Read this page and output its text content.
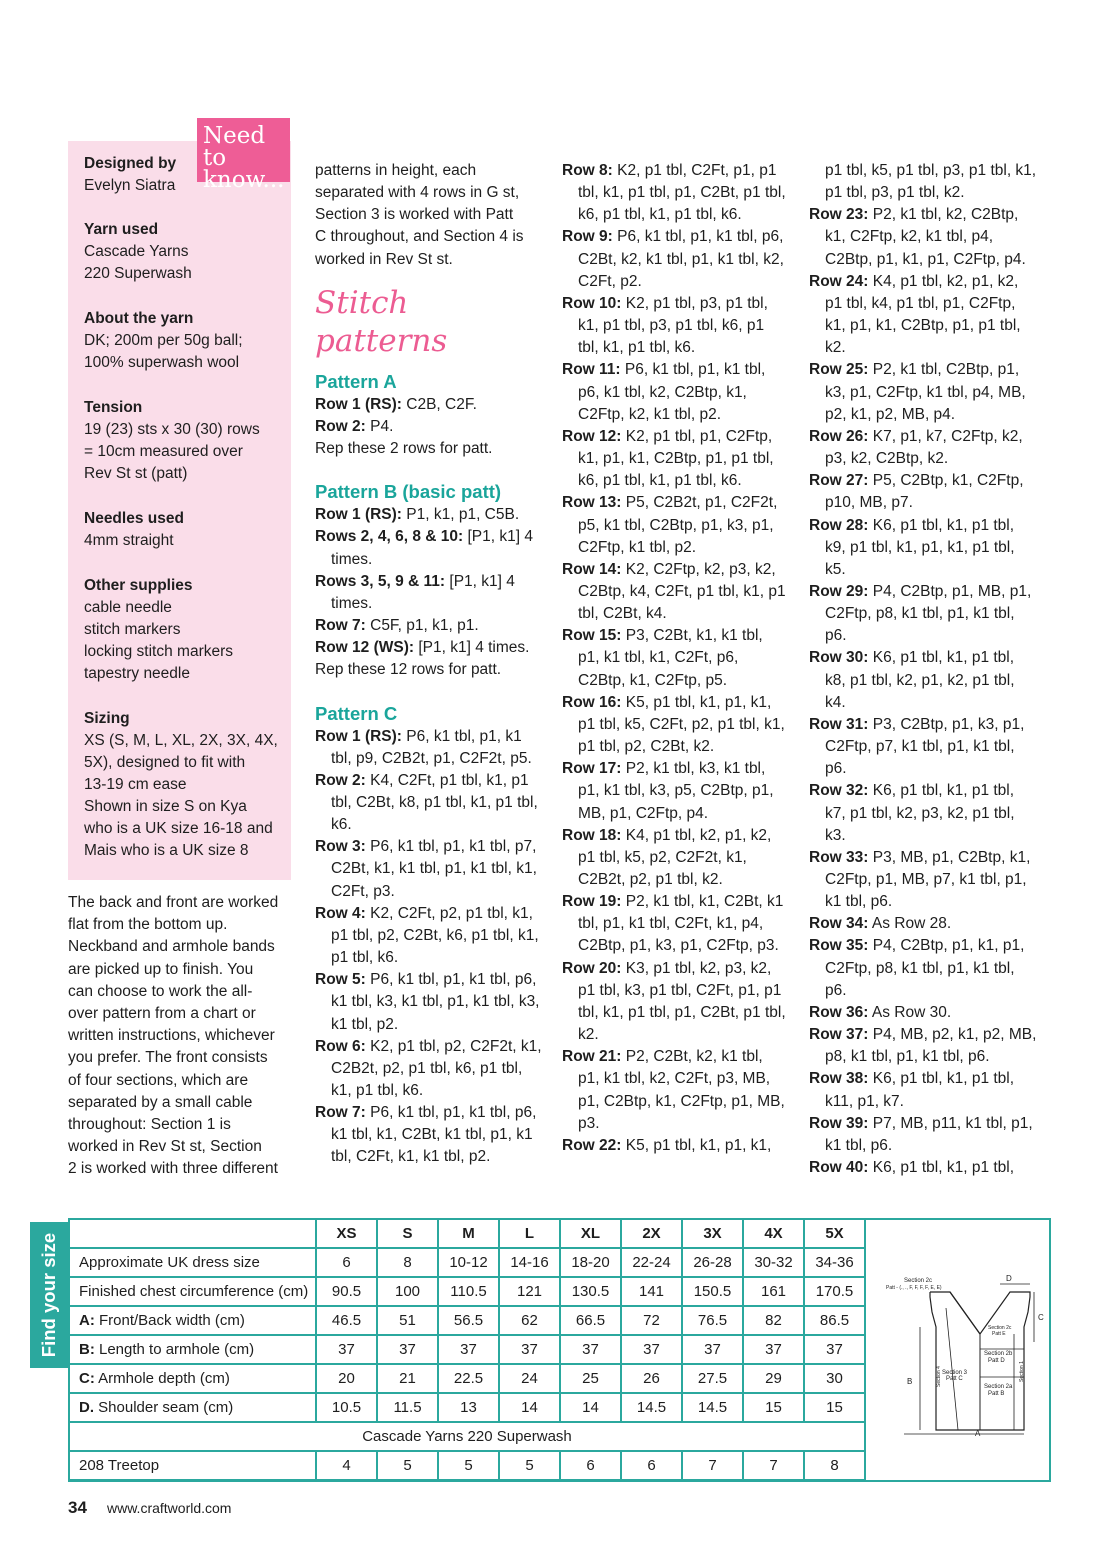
Need to
know...
Designed by
Evelyn Siatra
Yarn used
Cascade Yarns
220 Superwash
About the yarn
DK; 200m per 50g ball;
100% superwash wool
Tension
19 (23) sts x 30 (30) rows
= 10cm measured over
Rev St st (patt)
Needles used
4mm straight
Other supplies
cable needle
stitch markers
locking stitch markers
tapestry needle
Sizing
XS (S, M, L, XL, 2X, 3X, 4X,
5X), designed to fit with
13-19 cm ease
Shown in size S on Kya
who is a UK size 16-18 and
Mais who is a UK size 8
The back and front are worked
flat from the bottom up.
Neckband and armhole bands
are picked up to finish. You
can choose to work the all-
over pattern from a chart or
written instructions, whichever
you prefer. The front consists
of four sections, which are
separated by a small cable
throughout: Section 1 is
worked in Rev St st, Section
2 is worked with three different
patterns in height, each
separated with 4 rows in G st,
Section 3 is worked with Patt
C throughout, and Section 4 is
worked in Rev St st.
Stitch patterns
Pattern A

Row 1 (RS): C2B, C2F.

Row 2: P4.

Rep these 2 rows for patt.

Pattern B (basic patt)

Row 1 (RS): P1, k1, p1, C5B.

Rows 2, 4, 6, 8 & 10: [P1, k1] 4 times.

Rows 3, 5, 9 & 11: [P1, k1] 4 times.

Row 7: C5F, p1, k1, p1.

Row 12 (WS): [P1, k1] 4 times.

Rep these 12 rows for patt.

Pattern C

Row 1 (RS): P6, k1 tbl, p1, k1 tbl, p9, C2B2t, p1, C2F2t, p5.

Row 2: K4, C2Ft, p1 tbl, k1, p1 tbl, C2Bt, k8, p1 tbl, k1, p1 tbl, k6.

Row 3: P6, k1 tbl, p1, k1 tbl, p7, C2Bt, k1, k1 tbl, p1, k1 tbl, k1, C2Ft, p3.

Row 4: K2, C2Ft, p2, p1 tbl, k1, p1 tbl, p2, C2Bt, k6, p1 tbl, k1, p1 tbl, k6.

Row 5: P6, k1 tbl, p1, k1 tbl, p6, k1 tbl, k3, k1 tbl, p1, k1 tbl, k3, k1 tbl, p2.

Row 6: K2, p1 tbl, p2, C2F2t, k1, C2B2t, p2, p1 tbl, k6, p1 tbl, k1, p1 tbl, k6.

Row 7: P6, k1 tbl, p1, k1 tbl, p6, k1 tbl, k1, C2Bt, k1 tbl, p1, k1 tbl, C2Ft, k1, k1 tbl, p2.

Row 8: K2, p1 tbl, C2Ft, p1, p1 tbl, k1, p1 tbl, p1, C2Bt, p1 tbl, k6, p1 tbl, k1, p1 tbl, k6.

Row 9: P6, k1 tbl, p1, k1 tbl, p6, C2Bt, k2, k1 tbl, p1, k1 tbl, k2, C2Ft, p2.

Row 10: K2, p1 tbl, p3, p1 tbl, k1, p1 tbl, p3, p1 tbl, k6, p1 tbl, k1, p1 tbl, k6.

Row 11: P6, k1 tbl, p1, k1 tbl, p6, k1 tbl, k2, C2Btp, k1, C2Ftp, k2, k1 tbl, p2.

Row 12: K2, p1 tbl, p1, C2Ftp, k1, p1, k1, C2Btp, p1, p1 tbl, k6, p1 tbl, k1, p1 tbl, k6.

Row 13: P5, C2B2t, p1, C2F2t, p5, k1 tbl, C2Btp, p1, k3, p1, C2Ftp, k1 tbl, p2.

Row 14: K2, C2Ftp, k2, p3, k2, C2Btp, k4, C2Ft, p1 tbl, k1, p1 tbl, C2Bt, k4.

Row 15: P3, C2Bt, k1, k1 tbl, p1, k1 tbl, k1, C2Ft, p6, C2Btp, k1, C2Ftp, p5.

Row 16: K5, p1 tbl, k1, p1, k1, p1 tbl, k5, C2Ft, p2, p1 tbl, k1, p1 tbl, p2, C2Bt, k2.

Row 17: P2, k1 tbl, k3, k1 tbl, p1, k1 tbl, k3, p5, C2Btp, p1, MB, p1, C2Ftp, p4.

Row 18: K4, p1 tbl, k2, p1, k2, p1 tbl, k5, p2, C2F2t, k1, C2B2t, p2, p1 tbl, k2.

Row 19: P2, k1 tbl, k1, C2Bt, k1 tbl, p1, k1 tbl, C2Ft, k1, p4, C2Btp, p1, k3, p1, C2Ftp, p3.

Row 20: K3, p1 tbl, k2, p3, k2, p1 tbl, k3, p1 tbl, C2Ft, p1, p1 tbl, k1, p1 tbl, p1, C2Bt, p1 tbl, k2.

Row 21: P2, C2Bt, k2, k1 tbl, p1, k1 tbl, k2, C2Ft, p3, MB, p1, C2Btp, k1, C2Ftp, p1, MB, p3.

Row 22: K5, p1 tbl, k1, p1, k1,

p1 tbl, k5, p1 tbl, p3, p1 tbl, k1, p1 tbl, p3, p1 tbl, k2.

Row 23: P2, k1 tbl, k2, C2Btp, k1, C2Ftp, k2, k1 tbl, p4, C2Btp, p1, k1, p1, C2Ftp, p4.

Row 24: K4, p1 tbl, k2, p1, k2, p1 tbl, k4, p1 tbl, p1, C2Ftp, k1, p1, k1, C2Btp, p1, p1 tbl, k2.

Row 25: P2, k1 tbl, C2Btp, p1, k3, p1, C2Ftp, k1 tbl, p4, MB, p2, k1, p2, MB, p4.

Row 26: K7, p1, k7, C2Ftp, k2, p3, k2, C2Btp, k2.

Row 27: P5, C2Btp, k1, C2Ftp, p10, MB, p7.

Row 28: K6, p1 tbl, k1, p1 tbl, k9, p1 tbl, k1, p1, k1, p1 tbl, k5.

Row 29: P4, C2Btp, p1, MB, p1, C2Ftp, p8, k1 tbl, p1, k1 tbl, p6.

Row 30: K6, p1 tbl, k1, p1 tbl, k8, p1 tbl, k2, p1, k2, p1 tbl, k4.

Row 31: P3, C2Btp, p1, k3, p1, C2Ftp, p7, k1 tbl, p1, k1 tbl, p6.

Row 32: K6, p1 tbl, k1, p1 tbl, k7, p1 tbl, k2, p3, k2, p1 tbl, k3.

Row 33: P3, MB, p1, C2Btp, k1, C2Ftp, p1, MB, p7, k1 tbl, p1, k1 tbl, p6.

Row 34: As Row 28.

Row 35: P4, C2Btp, p1, k1, p1, C2Ftp, p8, k1 tbl, p1, k1 tbl, p6.

Row 36: As Row 30.

Row 37: P4, MB, p2, k1, p2, MB, p8, k1 tbl, p1, k1 tbl, p6.

Row 38: K6, p1 tbl, k1, p1 tbl, k11, p1, k7.

Row 39: P7, MB, p11, k1 tbl, p1, k1 tbl, p6.

Row 40: K6, p1 tbl, k1, p1 tbl,

Find your size
		XS	S	M	L	XL	2X	3X	4X	5X
Approximate UK dress size	6	8	10-12	14-16	18-20	22-24	26-28	30-32	34-36
Finished chest circumference (cm)	90.5	100	110.5	121	130.5	141	150.5	161	170.5
A: Front/Back width (cm)	46.5	51	56.5	62	66.5	72	76.5	82	86.5
B: Length to armhole (cm)	37	37	37	37	37	37	37	37	37
C: Armhole depth (cm)	20	21	22.5	24	25	26	27.5	29	30
D. Shoulder seam (cm)	10.5	11.5	13	14	14	14.5	14.5	15	15
Cascade Yarns 220 Superwash									
208 Treetop	4	5	5	5	6	6	7	7	8
Section 2c
Patt - (., ., F, F, F, F, E, E)
D
C
B
A
Section 2c
Patt E
Section 2b
Patt D
Section 3
Patt C
Section 2a
Patt B
Section 4	Section 1
34 www.craftworld.com
